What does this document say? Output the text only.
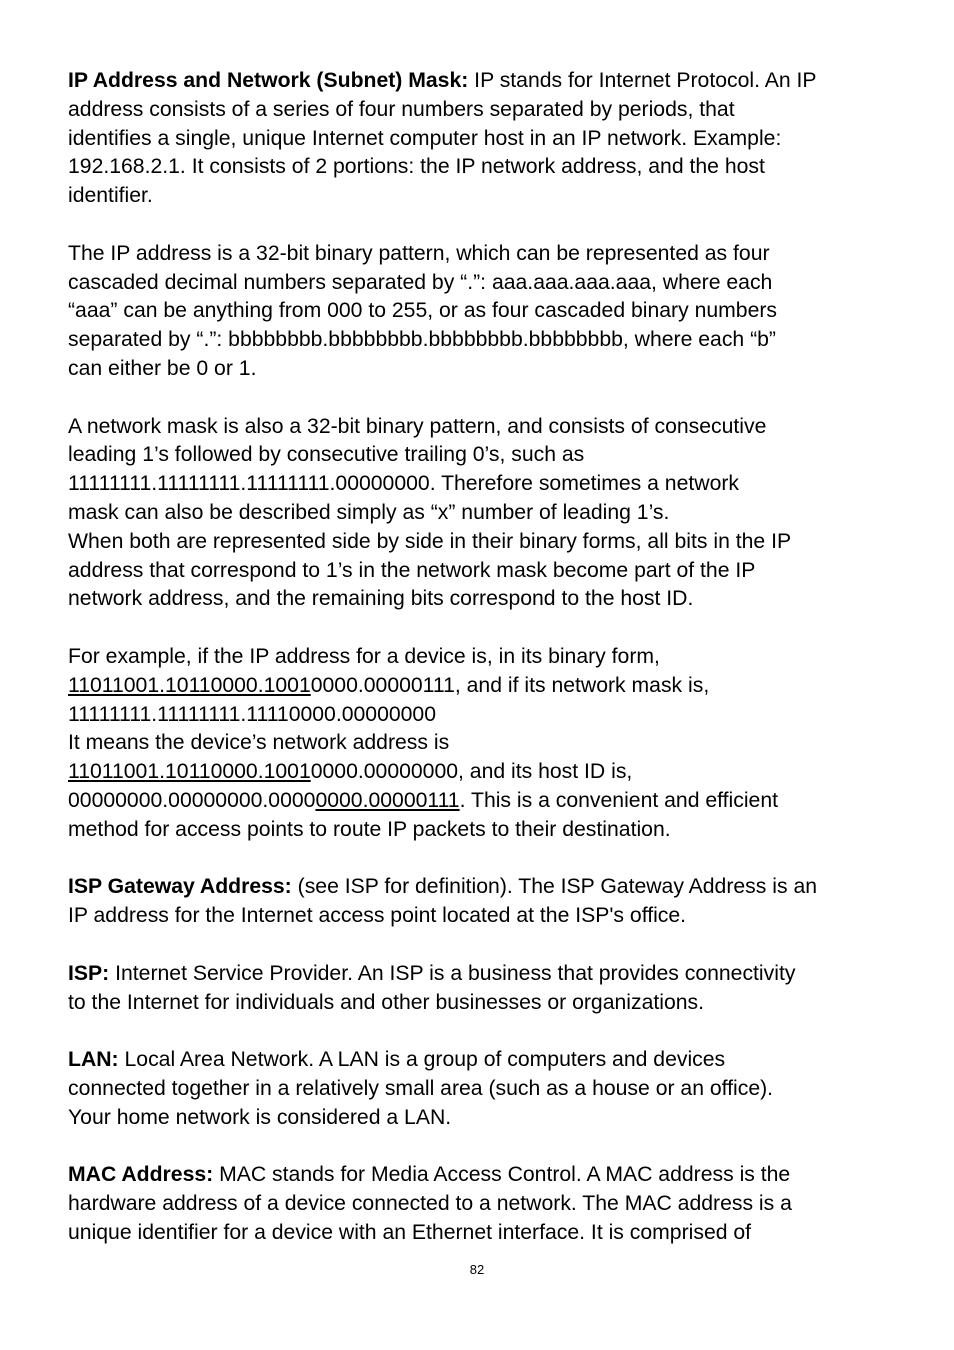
IP Address and Network (Subnet) Mask: IP stands for Internet Protocol. An IP
address consists of a series of four numbers separated by periods, that
identifies a single, unique Internet computer host in an IP network. Example:
192.168.2.1. It consists of 2 portions: the IP network address, and the host
identifier.
The IP address is a 32-bit binary pattern, which can be represented as four
cascaded decimal numbers separated by “.”: aaa.aaa.aaa.aaa, where each
“aaa” can be anything from 000 to 255, or as four cascaded binary numbers
separated by “.”: bbbbbbbb.bbbbbbbb.bbbbbbbb.bbbbbbbb, where each “b”
can either be 0 or 1.
A network mask is also a 32-bit binary pattern, and consists of consecutive
leading 1’s followed by consecutive trailing 0’s, such as
11111111.11111111.11111111.00000000. Therefore sometimes a network
mask can also be described simply as “x” number of leading 1’s.
When both are represented side by side in their binary forms, all bits in the IP
address that correspond to 1’s in the network mask become part of the IP
network address, and the remaining bits correspond to the host ID.
For example, if the IP address for a device is, in its binary form,
11011001.10110000.10010000.00000111, and if its network mask is,
11111111.11111111.11110000.00000000
It means the device’s network address is
11011001.10110000.10010000.00000000, and its host ID is,
00000000.00000000.00000000.00000111. This is a convenient and efficient
method for access points to route IP packets to their destination.
ISP Gateway Address: (see ISP for definition). The ISP Gateway Address is an
IP address for the Internet access point located at the ISP's office.
ISP: Internet Service Provider. An ISP is a business that provides connectivity
to the Internet for individuals and other businesses or organizations.
LAN: Local Area Network. A LAN is a group of computers and devices
connected together in a relatively small area (such as a house or an office).
Your home network is considered a LAN.
MAC Address: MAC stands for Media Access Control. A MAC address is the
hardware address of a device connected to a network. The MAC address is a
unique identifier for a device with an Ethernet interface. It is comprised of
82
